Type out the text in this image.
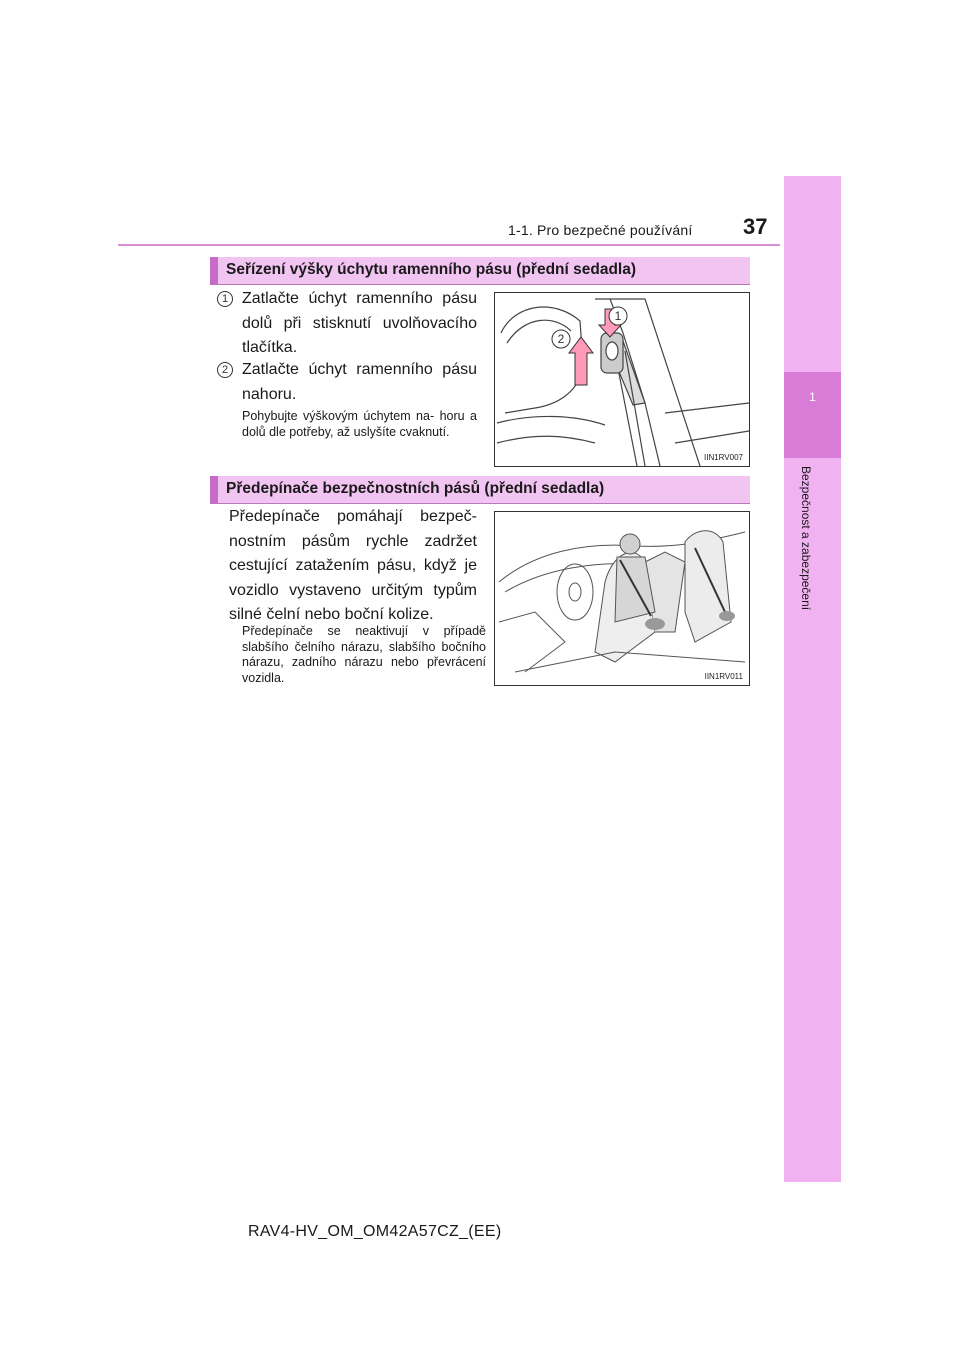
1-1. Pro bezpečné používání 37
1
Bezpečnost a zabezpečení
Seřízení výšky úchytu ramenního pásu (přední sedadla)
1 Zatlačte úchyt ramenního pásu dolů při stisknutí uvolňovacího tlačítka.
2 Zatlačte úchyt ramenního pásu nahoru.
Pohybujte výškovým úchytem na- horu a dolů dle potřeby, až uslyšíte cvaknutí.
1
2
IIN1RV007
Předepínače bezpečnostních pásů (přední sedadla)
Předepínače pomáhají bezpeč- nostním pásům rychle zadržet cestující zatažením pásu, když je vozidlo vystaveno určitým typům silné čelní nebo boční kolize.
Předepínače se neaktivují v případě slabšího čelního nárazu, slabšího bočního nárazu, zadního nárazu nebo převrácení vozidla.	IIN1RV011
RAV4-HV_OM_OM42A57CZ_(EE)
